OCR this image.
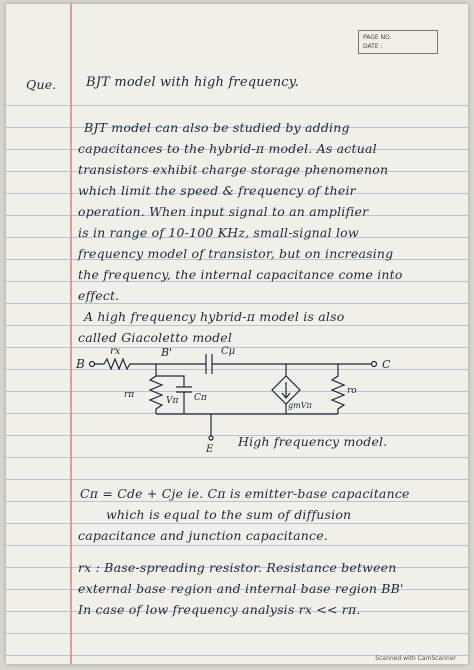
PAGE NO.
DATE :
Que. BJT model with high frequency.
BJT model can also be studied by adding
capacitances to the hybrid-π model. As actual
transistors exhibit charge storage phenomenon
which limit the speed & frequency of their
operation. When input signal to an amplifier
is in range of 10-100 KHz, small-signal low
frequency model of transistor, but on increasing
the frequency, the internal capacitance come into
effect.
A high frequency hybrid-π model is also
called Giacoletto model
B
rx	B'	Cμ
C
rπ
Vπ Cπ
gmVπ
ro
E
High frequency model.
Cπ = Cde + Cje ie. Cπ is emitter-base capacitance
which is equal to the sum of diffusion
capacitance and junction capacitance.
rx : Base-spreading resistor. Resistance between
external base region and internal base region BB'
In case of low frequency analysis rx << rπ.
Scanned with CamScanner
